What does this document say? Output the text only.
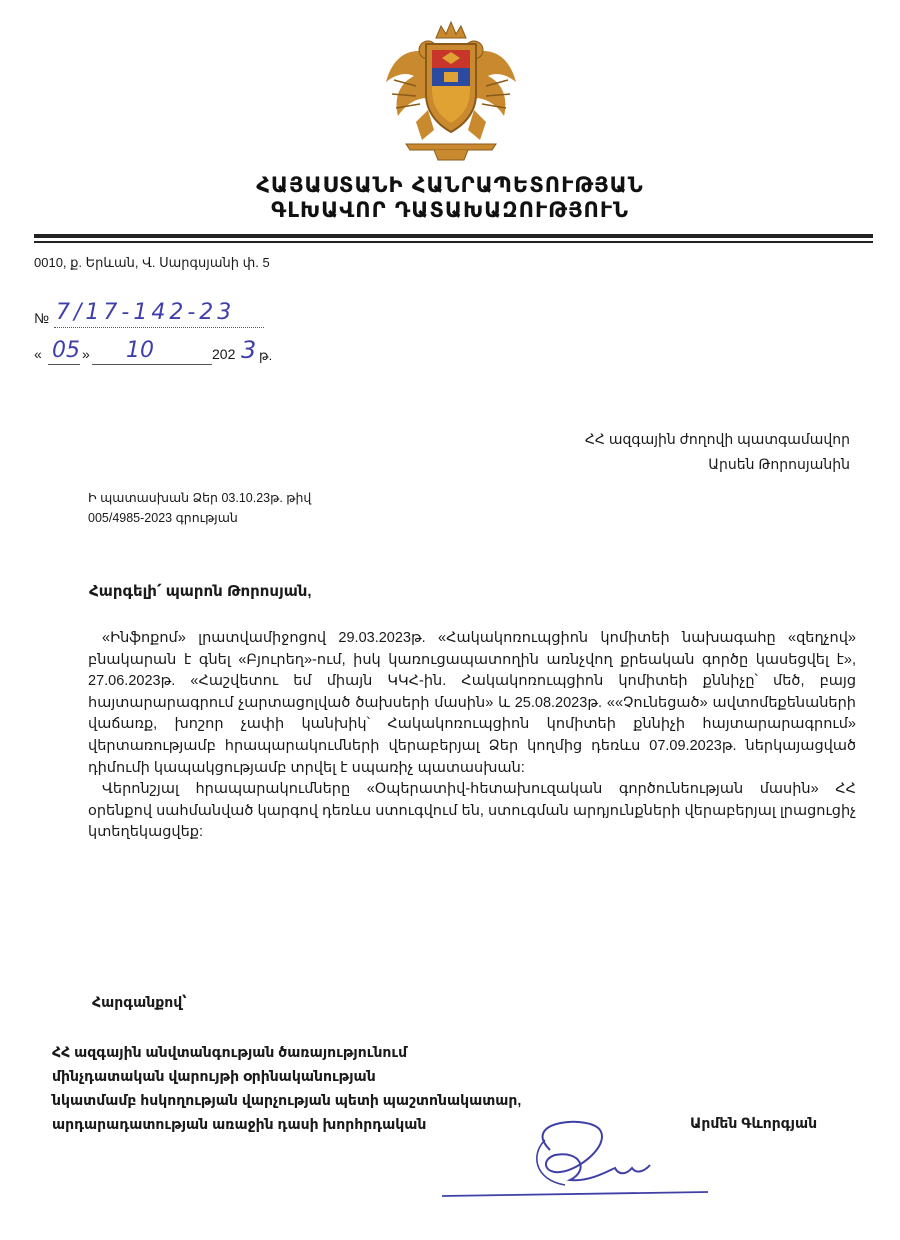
ՀԱՅԱՍՏԱՆԻ ՀԱՆՐԱՊԵՏՈՒԹՅԱՆ
ԳԼԽԱՎՈՐ ԴԱՏԱԽԱԶՈՒԹՅՈՒՆ
0010, ք. Երևան, Վ. Սարգսյանի փ. 5
№ 7/17-142-23
« 05 » 10	202 3 թ.
ՀՀ ազգային ժողովի պատգամավոր
Արսեն Թորոսյանին
Ի պատասխան Ձեր 03.10.23թ. թիվ
005/4985-2023 գրության
Հարգելի՛ պարոն Թորոսյան,

«Ինֆոքոմ» լրատվամիջոցով 29.03.2023թ. «Հակակոռուպցիոն կոմիտեի նախագահը «զեղչով» բնակարան է գնել «Բյուրեղ»-ում, իսկ կառուցապատողին առնչվող քրեական գործը կասեցվել է», 27.06.2023թ. «Հաշվետու եմ միայն ԿԿՀ-ին. Հակակոռուպցիոն կոմիտեի քննիչը՝ մեծ, բայց հայտարարագրում չարտացոլված ծախսերի մասին» և 25.08.2023թ. ««Չունեցած» ավտոմեքենաների վաճառք, խոշոր չափի կանխիկ՝ Հակակոռուպցիոն կոմիտեի քննիչի հայտարարագրում» վերտառությամբ հրապարակումների վերաբերյալ Ձեր կողմից դեռևս 07.09.2023թ. ներկայացված դիմումի կապակցությամբ տրվել է սպառիչ պատասխան:

Վերոնշյալ հրապարակումները «Օպերատիվ-հետախուզական գործունեության մասին» ՀՀ օրենքով սահմանված կարգով դեռևս ստուգվում են, ստուգման արդյունքների վերաբերյալ լրացուցիչ կտեղեկացվեք:

Հարգանքով՝
ՀՀ ազգային անվտանգության ծառայությունում
մինչդատական վարույթի օրինականության
նկատմամբ հսկողության վարչության պետի պաշտոնակատար,
արդարադատության առաջին դասի խորհրդական	Արմեն Գևորգյան
